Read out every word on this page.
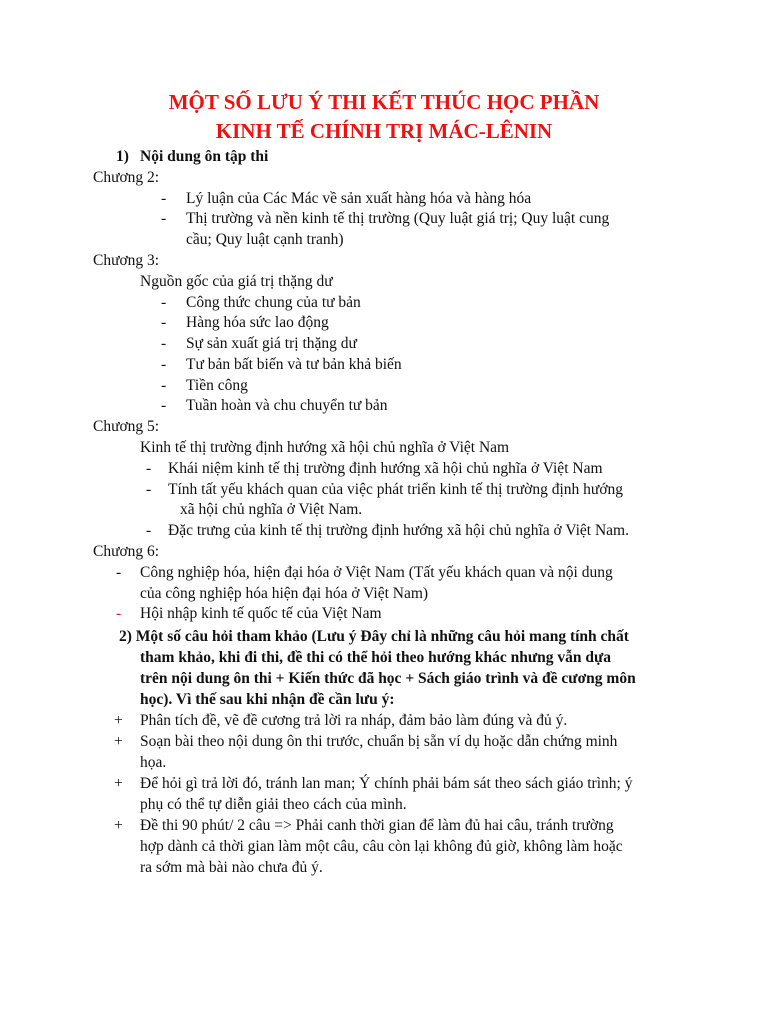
MỘT SỐ LƯU Ý THI KẾT THÚC HỌC PHẦN
KINH TẾ CHÍNH TRỊ MÁC-LÊNIN
1) Nội dung ôn tập thi
Chương 2:
- Lý luận của Các Mác về sản xuất hàng hóa và hàng hóa
- Thị trường và nền kinh tế thị trường (Quy luật giá trị; Quy luật cung
cầu; Quy luật cạnh tranh)
Chương 3:
Nguồn gốc của giá trị thặng dư
- Công thức chung của tư bản
- Hàng hóa sức lao động
- Sự sản xuất giá trị thặng dư
- Tư bản bất biến và tư bản khả biến
- Tiền công
- Tuần hoàn và chu chuyển tư bản
Chương 5:
Kinh tế thị trường định hướng xã hội chủ nghĩa ở Việt Nam
- Khái niệm kinh tế thị trường định hướng xã hội chủ nghĩa ở Việt Nam
- Tính tất yếu khách quan của việc phát triển kinh tế thị trường định hướng
xã hội chủ nghĩa ở Việt Nam.
- Đặc trưng của kinh tế thị trường định hướng xã hội chủ nghĩa ở Việt Nam.
Chương 6:
- Công nghiệp hóa, hiện đại hóa ở Việt Nam (Tất yếu khách quan và nội dung
của công nghiệp hóa hiện đại hóa ở Việt Nam)
- Hội nhập kinh tế quốc tế của Việt Nam
2) Một số câu hỏi tham khảo (Lưu ý Đây chỉ là những câu hỏi mang tính chất
tham khảo, khi đi thi, đề thi có thể hỏi theo hướng khác nhưng vẫn dựa
trên nội dung ôn thi + Kiến thức đã học + Sách giáo trình và đề cương môn
học). Vì thế sau khi nhận đề cần lưu ý:
+ Phân tích đề, vẽ đề cương trả lời ra nháp, đảm bảo làm đúng và đủ ý.
+ Soạn bài theo nội dung ôn thi trước, chuẩn bị sẵn ví dụ hoặc dẫn chứng minh
họa.
+ Để hỏi gì trả lời đó, tránh lan man; Ý chính phải bám sát theo sách giáo trình; ý
phụ có thể tự diễn giải theo cách của mình.
+ Đề thi 90 phút/ 2 câu => Phải canh thời gian để làm đủ hai câu, tránh trường
hợp dành cả thời gian làm một câu, câu còn lại không đủ giờ, không làm hoặc
ra sớm mà bài nào chưa đủ ý.
